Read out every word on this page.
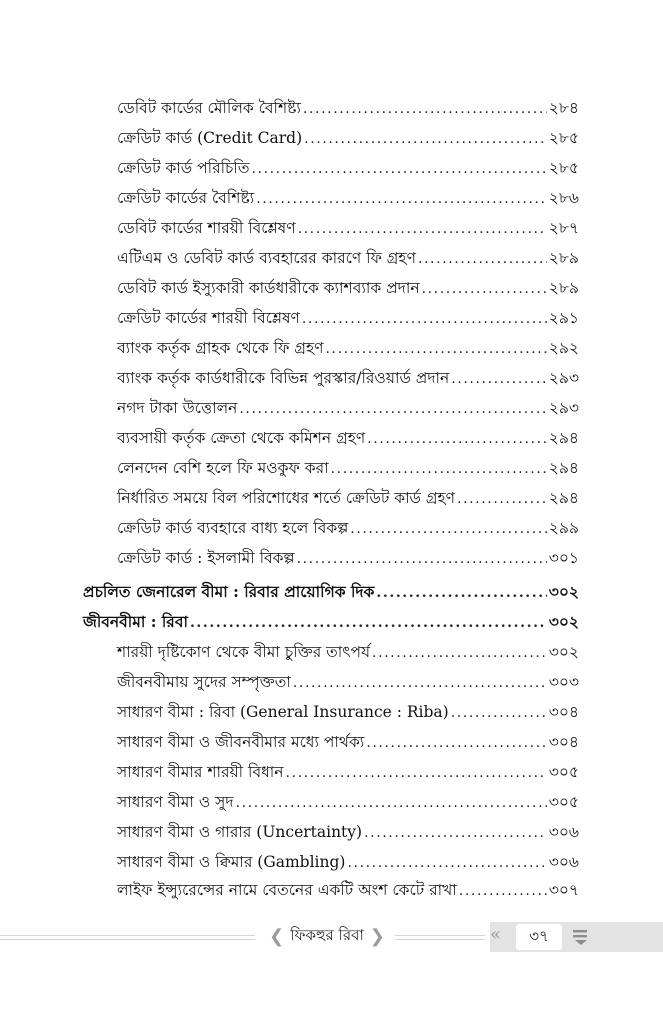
ডেবিট কার্ডের মৌলিক বৈশিষ্ট্য .....	২৮৪
ক্রেডিট কার্ড (Credit Card) .....	২৮৫
ক্রেডিট কার্ড পরিচিতি .....	২৮৫
ক্রেডিট কার্ডের বৈশিষ্ট্য .....	২৮৬
ডেবিট কার্ডের শারয়ী বিশ্লেষণ .....	২৮৭
এটিএম ও ডেবিট কার্ড ব্যবহারের কারণে ফি গ্রহণ .....	২৮৯
ডেবিট কার্ড ইস্যুকারী কার্ডধারীকে ক্যাশব্যাক প্রদান .....	২৮৯
ক্রেডিট কার্ডের শারয়ী বিশ্লেষণ .....	২৯১
ব্যাংক কর্তৃক গ্রাহক থেকে ফি গ্রহণ .....	২৯২
ব্যাংক কর্তৃক কার্ডধারীকে বিভিন্ন পুরস্কার/রিওয়ার্ড প্রদান .....	২৯৩
নগদ টাকা উত্তোলন .....	২৯৩
ব্যবসায়ী কর্তৃক ক্রেতা থেকে কমিশন গ্রহণ .....	২৯৪
লেনদেন বেশি হলে ফি মওকুফ করা .....	২৯৪
নির্ধারিত সময়ে বিল পরিশোধের শর্তে ক্রেডিট কার্ড গ্রহণ .....	২৯৪
ক্রেডিট কার্ড ব্যবহারে বাধ্য হলে বিকল্প .....	২৯৯
ক্রেডিট কার্ড : ইসলামী বিকল্প .....	৩০১
প্রচলিত জেনারেল বীমা : রিবার প্রায়োগিক দিক .....	৩০২
জীবনবীমা : রিবা .....	৩০২
শারয়ী দৃষ্টিকোণ থেকে বীমা চুক্তির তাৎপর্য .....	৩০২
জীবনবীমায় সুদের সম্পৃক্ততা .....	৩০৩
সাধারণ বীমা : রিবা (General Insurance : Riba) .....	৩০৪
সাধারণ বীমা ও জীবনবীমার মধ্যে পার্থক্য .....	৩০৪
সাধারণ বীমার শারয়ী বিধান .....	৩০৫
সাধারণ বীমা ও সুদ .....	৩০৫
সাধারণ বীমা ও গারার (Uncertainty) .....	৩০৬
সাধারণ বীমা ও ক্বিমার (Gambling) .....	৩০৬
লাইফ ইন্স্যুরেন্সের নামে বেতনের একটি অংশ কেটে রাখা .....	৩০৭
❮ ফিকহুর রিবা ❯	«	৩৭
